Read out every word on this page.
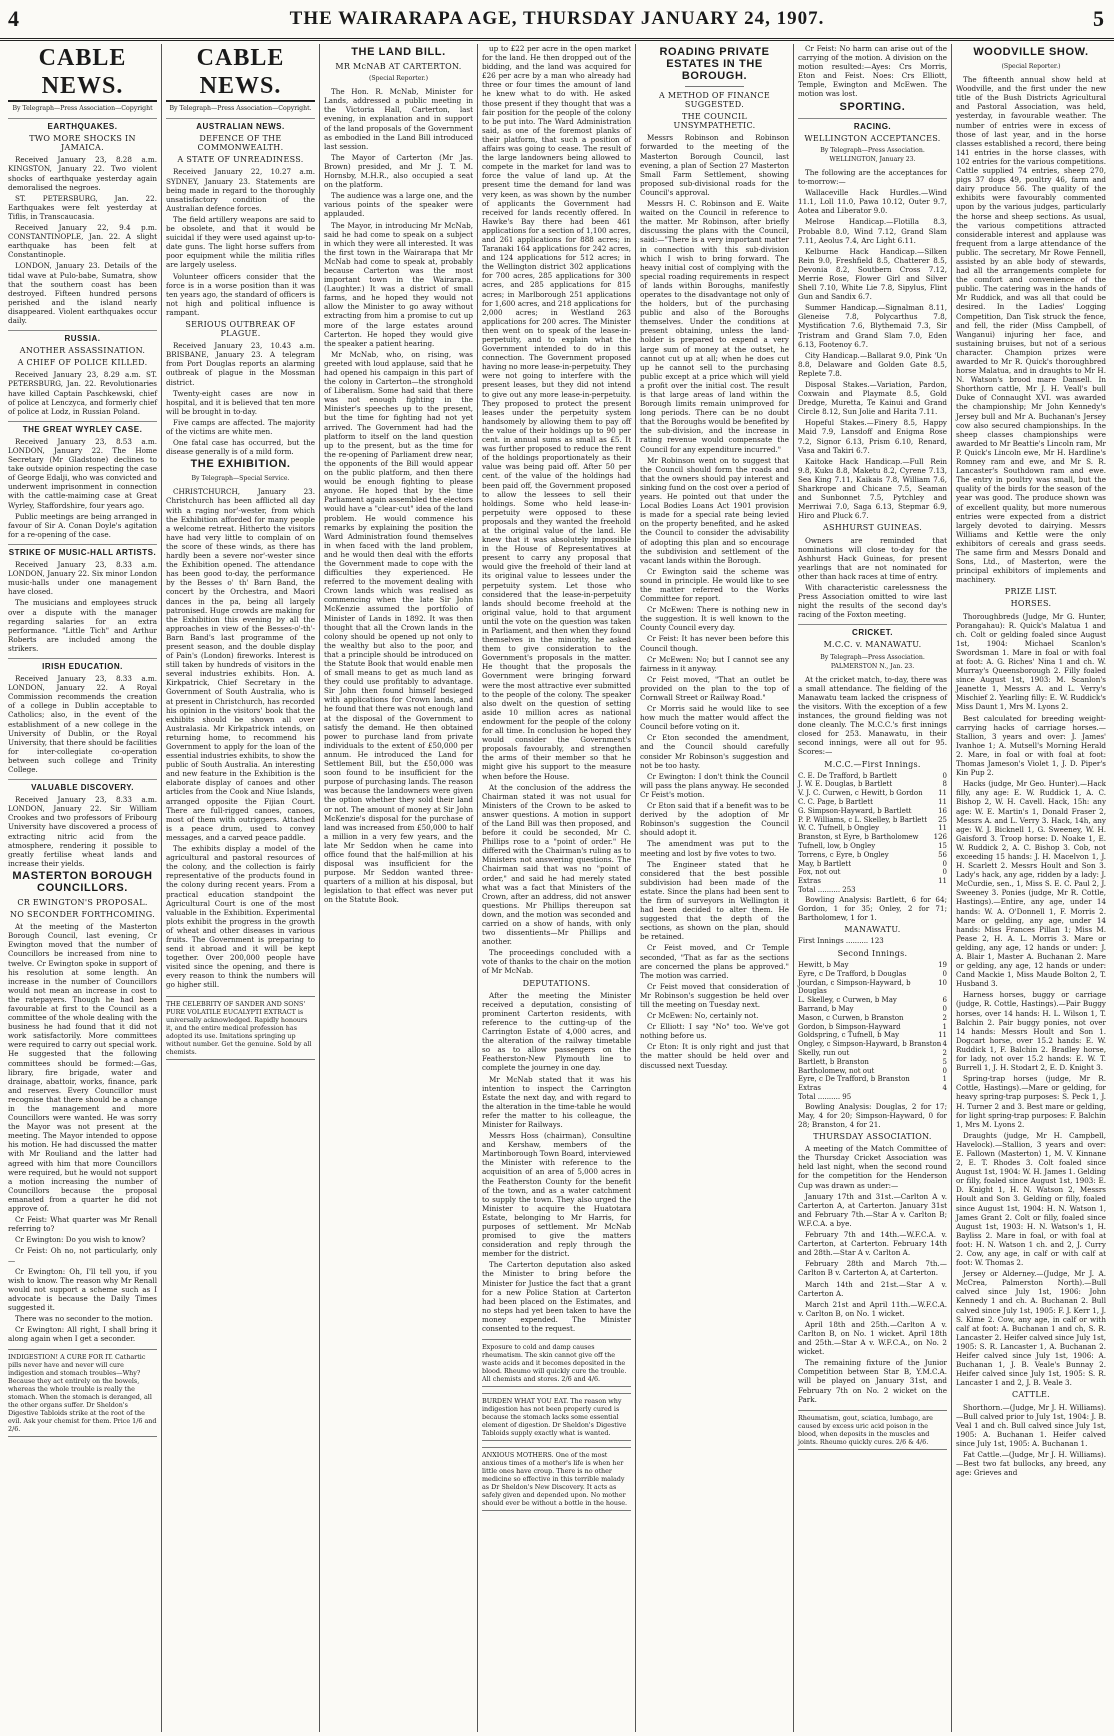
4	THE WAIRARAPA AGE, THURSDAY JANUARY 24, 1907.	5
CABLE NEWS.
By Telegraph—Press Association—Copyright
EARTHQUAKES.
TWO MORE SHOCKS IN JAMAICA.

Received January 23, 8.28 a.m. KINGSTON, January 22. Two violent shocks of earthquake yesterday again demoralised the negroes.

ST. PETERSBURG, Jan. 22. Earthquakes were felt yesterday at Tiflis, in Transcaucasia.

Received January 22, 9.4 p.m. CONSTANTINOPLE, Jan. 22. A slight earthquake has been felt at Constantinople.

LONDON, January 23. Details of the tidal wave at Pulo-babe, Sumatra, show that the southern coast has been destroyed. Fifteen hundred persons perished and the island nearly disappeared. Violent earthquakes occur daily.

RUSSIA.
ANOTHER ASSASSINATION.
A CHIEF OF POLICE KILLED.

Received January 23, 8.29 a.m. ST. PETERSBURG, Jan. 22. Revolutionaries have killed Captain Paschkewski, chief of police at Lenczyca, and formerly chief of police at Lodz, in Russian Poland.

THE GREAT WYRLEY CASE.

Received January 23, 8.53 a.m. LONDON, January 22. The Home Secretary (Mr Gladstone) declines to take outside opinion respecting the case of George Edalji, who was convicted and underwent imprisonment in connection with the cattle-maiming case at Great Wyrley, Staffordshire, four years ago.

Public meetings are being arranged in favour of Sir A. Conan Doyle's agitation for a re-opening of the case.

STRIKE OF MUSIC-HALL ARTISTS.

Received January 23, 8.33 a.m. LONDON, January 22. Six minor London music-halls under one management have closed.

The musicians and employees struck over a dispute with the manager regarding salaries for an extra performance. "Little Tich" and Arthur Roberts are included among the strikers.

IRISH EDUCATION.

Received January 23, 8.33 a.m. LONDON, January 22. A Royal Commission recommends the creation of a college in Dublin acceptable to Catholics; also, in the event of the establishment of a new college in the University of Dublin, or the Royal University, that there should be facilities for inter-collegiate co-operation between such college and Trinity College.

VALUABLE DISCOVERY.

Received January 23, 8.33 a.m. LONDON, January 22. Sir William Crookes and two professors of Fribourg University have discovered a process of extracting nitric acid from the atmosphere, rendering it possible to greatly fertilise wheat lands and increase their yields.

MASTERTON BOROUGH COUNCILLORS.
CR EWINGTON'S PROPOSAL.
NO SECONDER FORTHCOMING.

At the meeting of the Masterton Borough Council, last evening, Cr Ewington moved that the number of Councillors be increased from nine to twelve. Cr Ewington spoke in support of his resolution at some length. An increase in the number of Councillors would not mean an increase in cost to the ratepayers. Though he had been favourable at first to the Council as a committee of the whole dealing with the business he had found that it did not work satisfactorily. More committees were required to carry out special work. He suggested that the following committees should be formed:—Gas, library, fire brigade, water and drainage, abattoir, works, finance, park and reserves. Every Councillor must recognise that there should be a change in the management and more Councillors were wanted. He was sorry the Mayor was not present at the meeting. The Mayor intended to oppose his motion. He had discussed the matter with Mr Rouliand and the latter had agreed with him that more Councillors were required, but he would not support a motion increasing the number of Councillors because the proposal emanated from a quarter he did not approve of.

Cr Feist: What quarter was Mr Renall referring to?

Cr Ewington: Do you wish to know?

Cr Feist: Oh no, not particularly, only—

Cr Ewington: Oh, I'll tell you, if you wish to know. The reason why Mr Renall would not support a scheme such as I advocate is because the Daily Times suggested it.

There was no seconder to the motion.

Cr Ewington: All right, I shall bring it along again when I get a seconder.

INDIGESTION! A CURE FOR IT. Cathartic pills never have and never will cure indigestion and stomach troubles—Why? Because they act entirely on the bowels, whereas the whole trouble is really the stomach. When the stomach is deranged, all the other organs suffer. Dr Sheldon's Digestive Tabloids strike at the root of the evil. Ask your chemist for them. Price 1/6 and 2/6.
CABLE NEWS.
By Telegraph—Press Association—Copyright.
AUSTRALIAN NEWS.
DEFENCE OF THE COMMONWEALTH.
A STATE OF UNREADINESS.

Received January 22, 10.27 a.m. SYDNEY, January 23. Statements are being made in regard to the thoroughly unsatisfactory condition of the Australian defence forces.

The field artillery weapons are said to be obsolete, and that it would be suicidal if they were used against up-to-date guns. The light horse suffers from poor equipment while the militia rifles are largely useless.

Volunteer officers consider that the force is in a worse position than it was ten years ago, the standard of officers is not high and political influence is rampant.

SERIOUS OUTBREAK OF PLAGUE.

Received January 23, 10.43 a.m. BRISBANE, January 23. A telegram from Port Douglas reports an alarming outbreak of plague in the Mossman district.

Twenty-eight cases are now in hospital, and it is believed that ten more will be brought in to-day.

Five camps are affected. The majority of the victims are white men.

One fatal case has occurred, but the disease generally is of a mild form.

THE EXHIBITION.
By Telegraph—Special Service.

CHRISTCHURCH, January 23. Christchurch has been afflicted all day with a raging nor'-wester, from which the Exhibition afforded for many people a welcome retreat. Hitherto the visitors have had very little to complain of on the score of these winds, as there has hardly been a severe nor'-wester since the Exhibition opened. The attendance has been good to-day, the performance by the Besses o' th' Barn Band, the concert by the Orchestra, and Maori dances in the pa, being all largely patronised. Huge crowds are making for the Exhibition this evening by all the approaches in view of the Besses-o'-th'-Barn Band's last programme of the present season, and the double display of Pain's (London) fireworks. Interest is still taken by hundreds of visitors in the several industries exhibits. Hon. A. Kirkpatrick, Chief Secretary in the Government of South Australia, who is at present in Christchurch, has recorded his opinion in the visitors' book that the exhibits should be shown all over Australasia. Mr Kirkpatrick intends, on returning home, to recommend his Government to apply for the loan of the essential industries exhibits, to show the public of South Australia. An interesting and new feature in the Exhibition is the elaborate display of canoes and other articles from the Cook and Niue Islands, arranged opposite the Fijian Court. There are full-rigged canoes, canoes, most of them with outriggers. Attached is a peace drum, used to convey messages, and a carved peace paddle.

The exhibits display a model of the agricultural and pastoral resources of the colony, and the collection is fairly representative of the products found in the colony during recent years. From a practical education standpoint the Agricultural Court is one of the most valuable in the Exhibition. Experimental plots exhibit the progress in the growth of wheat and other diseases in various fruits. The Government is preparing to send it abroad and it will be kept together. Over 200,000 people have visited since the opening, and there is every reason to think the numbers will go higher still.

THE CELEBRITY OF SANDER AND SONS' PURE VOLATILE EUCALYPTI EXTRACT is universally acknowledged. Rapidly honours it, and the entire medical profession has adopted its use. Imitations springing up without number. Get the genuine. Sold by all chemists.
THE LAND BILL.
MR McNAB AT CARTERTON.
(Special Reporter.)

The Hon. R. McNab, Minister for Lands, addressed a public meeting in the Victoria Hall, Carterton, last evening, in explanation and in support of the land proposals of the Government as embodied in the Land Bill introduced last session.

The Mayor of Carterton (Mr Jas. Brown) presided, and Mr J. T. M. Hornsby, M.H.R., also occupied a seat on the platform.

The audience was a large one, and the various points of the speaker were applauded.

The Mayor, in introducing Mr McNab, said he had come to speak on a subject in which they were all interested. It was the first town in the Wairarapa that Mr McNab had come to speak at, probably because Carterton was the most important town in the Wairarapa. (Laughter.) It was a district of small farms, and he hoped they would not allow the Minister to go away without extracting from him a promise to cut up more of the large estates around Carterton. He hoped they would give the speaker a patient hearing.

Mr McNab, who, on rising, was greeted with loud applause, said that he had opened his campaign in this part of the colony in Carterton—the stronghold of Liberalism. Some had said that there was not enough fighting in the Minister's speeches up to the present, but the time for fighting had not yet arrived. The Government had had the platform to itself on the land question up to the present, but as the time for the re-opening of Parliament drew near, the opponents of the Bill would appear on the public platform, and then there would be enough fighting to please anyone. He hoped that by the time Parliament again assembled the electors would have a "clear-cut" idea of the land problem. He would commence his remarks by explaining the position the Ward Administration found themselves in when faced with the land problem, and he would then deal with the efforts the Government made to cope with the difficulties they experienced. He referred to the movement dealing with Crown lands which was realised as commencing when the late Sir John McKenzie assumed the portfolio of Minister of Lands in 1892. It was then thought that all the Crown lands in the colony should be opened up not only to the wealthy but also to the poor, and that a principle should be introduced on the Statute Book that would enable men of small means to get as much land as they could use profitably to advantage. Sir John then found himself besieged with applications for Crown lands, and he found that there was not enough land at the disposal of the Government to satisfy the demand. He then obtained power to purchase land from private individuals to the extent of £50,000 per annum. He introduced the Land for Settlement Bill, but the £50,000 was soon found to be insufficient for the purpose of purchasing lands. The reason was because the landowners were given the option whether they sold their land or not. The amount of money at Sir John McKenzie's disposal for the purchase of land was increased from £50,000 to half a million in a very few years, and the late Mr Seddon when he came into office found that the half-million at his disposal was insufficient for the purpose. Mr Seddon wanted three-quarters of a million at his disposal, but legislation to that effect was never put on the Statute Book.

up to £22 per acre in the open market for the land. He then dropped out of the bidding, and the land was acquired for £26 per acre by a man who already had three or four times the amount of land he knew what to do with. He asked those present if they thought that was a fair position for the people of the colony to be put into. The Ward Administration said, as one of the foremost planks of their platform, that such a position of affairs was going to cease. The result of the large landowners being allowed to compete in the market for land was to force the value of land up. At the present time the demand for land was very keen, as was shown by the number of applicants the Government had received for lands recently offered. In Hawke's Bay there had been 461 applications for a section of 1,100 acres, and 261 applications for 888 acres; in Taranaki 164 applications for 242 acres, and 124 applications for 512 acres; in the Wellington district 302 applications for 700 acres, 285 applications for 300 acres, and 285 applications for 815 acres; in Marlborough 251 applications for 1,600 acres, and 218 applications for 2,000 acres; in Westland 263 applications for 200 acres. The Minister then went on to speak of the lease-in-perpetuity, and to explain what the Government intended to do in this connection. The Government proposed having no more lease-in-perpetuity. They were not going to interfere with the present leases, but they did not intend to give out any more lease-in-perpetuity. They proposed to protect the present leases under the perpetuity system handsomely by allowing them to pay off the value of their holdings up to 90 per cent. in annual sums as small as £5. It was further proposed to reduce the rent of the holdings proportionately as their value was being paid off. After 50 per cent. of the value of the holdings had been paid off, the Government proposed to allow the lessees to sell their holdings. Some who held lease-in-perpetuity were opposed to these proposals and they wanted the freehold at the original value of the land. He knew that it was absolutely impossible in the House of Representatives at present to carry any proposal that would give the freehold of their land at its original value to lessees under the perpetuity system. Let those who considered that the lease-in-perpetuity lands should become freehold at the original value, hold to that argument until the vote on the question was taken in Parliament, and then when they found themselves in the minority, he asked them to give consideration to the Government's proposals in the matter. He thought that the proposals the Government were bringing forward were the most attractive ever submitted to the people of the colony. The speaker also dwelt on the question of setting aside 10 million acres as national endowment for the people of the colony for all time. In conclusion he hoped they would consider the Government's proposals favourably, and strengthen the arms of their member so that he might give his support to the measure when before the House.

At the conclusion of the address the Chairman stated it was not usual for Ministers of the Crown to be asked to answer questions. A motion in support of the Land Bill was then proposed, and before it could be seconded, Mr C. Phillips rose to a "point of order." He differed with the Chairman's ruling as to Ministers not answering questions. The Chairman said that was no "point of order," and said he had merely stated what was a fact that Ministers of the Crown, after an address, did not answer questions. Mr Phillips thereupon sat down, and the motion was seconded and carried on a show of hands, with only two dissentients—Mr Phillips and another.

The proceedings concluded with a vote of thanks to the chair on the motion of Mr McNab.

DEPUTATIONS.

After the meeting the Minister received a deputation, consisting of prominent Carterton residents, with reference to the cutting-up of the Carrington Estate of 4,000 acres, and the alteration of the railway timetable so as to allow passengers on the Featherston-New Plymouth line to complete the journey in one day.

Mr McNab stated that it was his intention to inspect the Carrington Estate the next day, and with regard to the alteration in the time-table he would refer the matter to his colleague, the Minister for Railways.

Messrs Hoss (chairman), Consultine and Kershaw, members of the Martinborough Town Board, interviewed the Minister with reference to the acquisition of an area of 5,000 acres in the Featherston County for the benefit of the town, and as a water catchment to supply the town. They also urged the Minister to acquire the Huatotara Estate, belonging to Mr Harris, for purposes of settlement. Mr McNab promised to give the matters consideration and reply through the member for the district.

The Carterton deputation also asked the Minister to bring before the Minister for Justice the fact that a grant for a new Police Station at Carterton had been placed on the Estimates, and no steps had yet been taken to have the money expended. The Minister consented to the request.

Exposure to cold and damp causes rheumatism. The skin cannot give off the waste acids and it becomes deposited in the blood. Rheumo will quickly cure the trouble. All chemists and stores. 2/6 and 4/6.
BURDEN WHAT YOU EAT. The reason why indigestion has not been properly cured is because the stomach lacks some essential element of digestion. Dr Sheldon's Digestive Tabloids supply exactly what is wanted.
ANXIOUS MOTHERS. One of the most anxious times of a mother's life is when her little ones have croup. There is no other medicine so effective in this terrible malady as Dr Sheldon's New Discovery. It acts as safely given and depended upon. No mother should ever be without a bottle in the house.
ROADING PRIVATE ESTATES IN THE BOROUGH.
A METHOD OF FINANCE SUGGESTED.
THE COUNCIL UNSYMPATHETIC.

Messrs Robinson and Robinson forwarded to the meeting of the Masterton Borough Council, last evening, a plan of Section 27 Masterton Small Farm Settlement, showing proposed sub-divisional roads for the Council's approval.

Messrs H. C. Robinson and E. Waite waited on the Council in reference to the matter. Mr Robinson, after briefly discussing the plans with the Council, said:—"There is a very important matter in connection with this sub-division which I wish to bring forward. The heavy initial cost of complying with the special roading requirements in respect of lands within Boroughs, manifestly operates to the disadvantage not only of the holders, but of the purchasing public and also of the Boroughs themselves. Under the conditions at present obtaining, unless the land-holder is prepared to expend a very large sum of money at the outset, he cannot cut up at all; when he does cut up he cannot sell to the purchasing public except at a price which will yield a profit over the initial cost. The result is that large areas of land within the Borough limits remain unimproved for long periods. There can be no doubt that the Boroughs would be benefited by the sub-division, and the increase in rating revenue would compensate the Council for any expenditure incurred."

Mr Robinson went on to suggest that the Council should form the roads and that the owners should pay interest and sinking fund on the cost over a period of years. He pointed out that under the Local Bodies Loans Act 1901 provision is made for a special rate being levied on the property benefited, and he asked the Council to consider the advisability of adopting this plan and so encourage the subdivision and settlement of the vacant lands within the Borough.

Cr Ewington said the scheme was sound in principle. He would like to see the matter referred to the Works Committee for report.

Cr McEwen: There is nothing new in the suggestion. It is well known to the County Council every day.

Cr Feist: It has never been before this Council though.

Cr McEwen: No; but I cannot see any fairness in it anyway.

Cr Feist moved, "That an outlet be provided on the plan to the top of Cornwall Street or Railway Road."

Cr Morris said he would like to see how much the matter would affect the Council before voting on it.

Cr Eton seconded the amendment, and the Council should carefully consider Mr Robinson's suggestion and not be too hasty.

Cr Ewington: I don't think the Council will pass the plans anyway. He seconded Cr Feist's motion.

Cr Eton said that if a benefit was to be derived by the adoption of Mr Robinson's suggestion the Council should adopt it.

The amendment was put to the meeting and lost by five votes to two.

The Engineer stated that he considered that the best possible subdivision had been made of the estate. Since the plans had been sent to the firm of surveyors in Wellington it had been decided to alter them. He suggested that the depth of the sections, as shown on the plan, should be retained.

Cr Feist moved, and Cr Temple seconded, "That as far as the sections are concerned the plans be approved." The motion was carried.

Cr Feist moved that consideration of Mr Robinson's suggestion be held over till the meeting on Tuesday next.

Cr McEwen: No, certainly not.

Cr Elliott: I say "No" too. We've got nothing before us.

Cr Eton: It is only right and just that the matter should be held over and discussed next Tuesday.

Cr Feist: No harm can arise out of the carrying of the motion. A division on the motion resulted:—Ayes: Crs Morris, Eton and Feist. Noes: Crs Elliott, Temple, Ewington and McEwen. The motion was lost.

SPORTING.
RACING.
WELLINGTON ACCEPTANCES.
By Telegraph—Press Association. WELLINGTON, January 23.

The following are the acceptances for to-morrow:—

Wallaceville Hack Hurdles.—Wind 11.1, Loll 11.0, Pawa 10.12, Outer 9.7, Aotea and Liberator 9.0.

Melrose Handicap.—Flotilla 8.3, Probable 8.0, Wind 7.12, Grand Slam 7.11, Aeolus 7.4, Arc Light 6.11.

Kelburne Hack Handicap.—Silken Rein 9.0, Freshfield 8.5, Chatterer 8.5, Devonia 8.2, Soutbern Cross 7.12, Merrie Rose, Flower Girl and Silver Shell 7.10, White Lie 7.8, Sipylus, Flint Gun and Sandix 6.7.

Summer Handicap.—Signalman 8.11, Gleneise 7.8, Polycarthus 7.8, Mystification 7.6, Blythemaid 7.3, Sir Tristram and Grand Slam 7.0, Eden 6.13, Footenoy 6.7.

City Handicap.—Ballarat 9.0, Pink 'Un 8.8, Delaware and Golden Gate 8.5, Replete 7.8.

Disposal Stakes.—Variation, Pardon, Coxwain and Playmate 8.5, Gold Dredge, Muretta, Te Kainui and Grand Circle 8.12, Sun Jolie and Harita 7.11.

Hopeful Stakes.—Finery 8.5, Happy Maid 7.9, Lansdoff and Enigma Rose 7.2, Signor 6.13, Prism 6.10, Renard, Vasa and Takiri 6.7.

Kaitoke Hack Handicap.—Full Rein 9.8, Kuku 8.8, Maketu 8.2, Cyrene 7.13, Sea King 7.11, Kaikais 7.8, William 7.6, Sharkrope and Chicane 7.5, Seaman and Sunbonnet 7.5, Pytchley and Merriwai 7.0, Saga 6.13, Stepmar 6.9, Hiro and Pluck 6.7.

ASHHURST GUINEAS.

Owners are reminded that nominations will close to-day for the Ashhurst Hack Guineas, for present yearlings that are not nominated for other than hack races at time of entry.

With characteristic carelessness the Press Association omitted to wire last night the results of the second day's racing of the Foxton meeting.

CRICKET.
M.C.C. v. MANAWATU.
By Telegraph—Press Association. PALMERSTON N., Jan. 23.

At the cricket match, to-day, there was a small attendance. The fielding of the Manawatu team lacked the crispness of the visitors. With the exception of a few instances, the ground fielding was not done cleanly. The M.C.C.'s first innings closed for 253. Manawatu, in their second innings, were all out for 95. Scores:—

M.C.C.—First Innings.
C. E. De Trafford, b Bartlett	0
J. W. E. Douglas, b Bartlett	8
V. J. C. Curwen, c Hewitt, b Gordon 11
C. C. Page, b Bartlett	11
G. Simpson-Hayward, b Bartlett	16
P. P. Williams, c L. Skelley, b Bartlett 25
W. C. Tufnell, b Ongley	11
Branston, st Eyre, b Bartholomew 126
Tufnell, low, b Ongley	15
Torrens, c Eyre, b Ongley	56
May, b Bartlett	0
Fox, not out	0
Extras	11
Total .......... 253

Bowling Analysis: Bartlett, 6 for 64; Gordon, 1 for 35; Onley, 2 for 71; Bartholomew, 1 for 1.

MANAWATU.
First Innings .......... 123
Second Innings.
Hewitt, b May	19
Eyre, c De Trafford, b Douglas	0
Jourdan, c Simpson-Hayward, b Douglas
10
L. Skelley, c Curwen, b May	6
Barrand, b May	0
Mason, c Curwen, b Branston	2
Gordon, b Simpson-Hayward	1
Goldspring, c Tufnell, b May	11
Ongley, c Simpson-Hayward, b Branston 4
Skelly, run out	2
Bartlett, b Branston	5
Bartholomew, not out	0
Eyre, c De Trafford, b Branston	1
Extras	4
Total .......... 95

Bowling Analysis: Douglas, 2 for 17; May, 4 for 20; Simpson-Hayward, 0 for 28; Branston, 4 for 21.

THURSDAY ASSOCIATION.

A meeting of the Match Committee of the Thursday Cricket Association was held last night, when the second round for the competition for the Henderson Cup was drawn as under:—

January 17th and 31st.—Carlton A v. Carterton A, at Carterton. January 31st and February 7th.—Star A v. Carlton B; W.F.C.A. a bye.

February 7th and 14th.—W.F.C.A. v. Carterton, at Carterton. February 14th and 28th.—Star A v. Carlton A.

February 28th and March 7th.—Carlton B v. Carterton A, at Carterton.

March 14th and 21st.—Star A v. Carterton A.

March 21st and April 11th.—W.F.C.A. v. Carlton B, on No. 1 wicket.

April 18th and 25th.—Carlton A v. Carlton B, on No. 1 wicket. April 18th and 25th.—Star A v. W.F.C.A., on No. 2 wicket.

The remaining fixture of the Junior Competition between Star B, Y.M.C.A. will be played on January 31st, and February 7th on No. 2 wicket on the Park.

Rheumatism, gout, sciatica, lumbago, are caused by excess uric acid poison in the blood, when deposits in the muscles and joints. Rheumo quickly cures. 2/6 & 4/6.
WOODVILLE SHOW.
(Special Reporter.)

The fifteenth annual show held at Woodville, and the first under the new title of the Bush Districts Agricultural and Pastoral Association, was held, yesterday, in favourable weather. The number of entries were in excess of those of last year, and in the horse classes established a record, there being 141 entries in the horse classes, with 102 entries for the various competitions. Cattle supplied 74 entries, sheep 270, pigs 37 dogs 49, poultry 46, farm and dairy produce 56. The quality of the exhibits were favourably commented upon by the various judges, particularly the horse and sheep sections. As usual, the various competitions attracted considerable interest and applause was frequent from a large attendance of the public. The secretary, Mr Rowe Fennell, assisted by an able body of stewards, had all the arrangements complete for the comfort and convenience of the public. The catering was in the hands of Mr Ruddick, and was all that could be desired. In the Ladies' Logging Competition, Dan Tisk struck the fence, and fell, the rider (Miss Campbell, of Wanganui) injuring her face, and sustaining bruises, but not of a serious character. Champion prizes were awarded to Mr R. Quick's thoroughbred horse Malatua, and in draughts to Mr H. N. Watson's brood mare Dansell. In Shorthorn cattle, Mr J. H. Veall's bull Duke of Connaught XVI. was awarded the championship; Mr John Kennedy's Jersey bull and Mr A. Buchanan's Jersey cow also secured championships. In the sheep classes championships were awarded to Mr Beattie's Lincoln ram, Mr P. Quick's Lincoln ewe, Mr H. Hardline's Romney ram and ewe, and Mr S. R. Lancaster's Southdown ram and ewe. The entry in poultry was small, but the quality of the birds for the season of the year was good. The produce shown was of excellent quality, but more numerous entries were expected from a district largely devoted to dairying. Messrs Williams and Kettle were the only exhibitors of cereals and grass seeds. The same firm and Messrs Donald and Sons, Ltd., of Masterton, were the principal exhibitors of implements and machinery.

PRIZE LIST.
HORSES.

Thoroughbreds (Judge, Mr G. Hunter, Porangahau): R. Quick's Malatua 1 and ch. Colt or gelding foaled since August 1st, 1904: Michael Scanlon's Swordsman 1. Mare in foal or with foal at foot: A. G. Riches' Nina 1 and ch. W. Murray's Queensborough 2. Filly foaled since August 1st, 1903: M. Scanlon's Jeanette 1, Messrs A. and L. Verry's Mischief 2. Yearling filly: E. W. Ruddick's Miss Daunt 1, Mrs M. Lyons 2.

Best calculated for breeding weight-carrying hacks of carriage horses.—Stallion, 3 years and over: J. James' Ivanhoe 1; A. Mutsell's Morning Herald 2. Mare, in foal or with foal at foot: Thomas Jameson's Violet 1, J. D. Piper's Kin Pup 2.

Hacks (judge, Mr Geo. Hunter).—Hack filly, any age: E. W. Ruddick 1, A. C. Bishop 2, W. H. Cavell. Hack, 15h: any age: W. E. Martin's 1, Donald Fraser 2, Messrs A. and L. Verry 3. Hack, 14h, any age: W. J. Bicknell 1, G. Sweeney, W. H. Gaisford 3. Troop horse: D. Noake 1, E. W. Ruddick 2, A. C. Bishop 3. Cob, not exceeding 15 hands: J. H. Macelvon 1, J. H. Scarlett 2. Messrs Hoult and Son 3. Lady's hack, any age, ridden by a lady: J. McCurdie, sen., 1, Miss S. E. C. Paul 2, J. Sweeney 3. Ponies (judge, Mr R. Cottle, Hastings).—Entire, any age, under 14 hands: W. A. O'Donnell 1, F. Morris 2. Mare or gelding, any age, under 14 hands: Miss Frances Pillan 1; Miss M. Pease 2, H. A. L. Morris 3. Mare or gelding, any age, 12 hands or under: J. A. Blair 1, Master A. Buchanan 2. Mare or gelding, any age, 12 hands or under: Cand Mackie 1, Miss Maude Bolton 2, T. Husband 3.

Harness horses, buggy or carriage (judge, R. Cottle, Hastings).—Pair Buggy horses, over 14 hands: H. L. Wilson 1, T. Balchin 2. Pair buggy ponies, not over 14 hands: Messrs Hoult and Son 1. Dogcart horse, over 15.2 hands: E. W. Ruddick 1, F. Balchin 2. Bradley horse, for lady, not over 15.2 hands: E. W. T. Burrell 1, J. H. Stodart 2, E. D. Knight 3.

Spring-trap horses (judge, Mr R. Cottle, Hastings).—Mare or gelding, for heavy spring-trap purposes: S. Peck 1, J. H. Turner 2 and 3. Best mare or gelding, for light spring-trap purposes: F. Balchin 1, Mrs M. Lyons 2.

Draughts (judge, Mr H. Campbell, Havelock).—Stallion, 3 years and over: E. Fallown (Masterton) 1, M. V. Kinnane 2, E. T. Rhodes 3. Colt foaled since August 1st, 1904: W. H. James 1. Gelding or filly, foaled since August 1st, 1903: E. D. Knight 1, H. N. Watson 2, Messrs Hoult and Son 3. Gelding or filly, foaled since August 1st, 1904: H. N. Watson 1, James Grant 2. Colt or filly, foaled since August 1st, 1903: H. N. Watson's 1, H. Bayliss 2. Mare in foal, or with foal at foot: H. N. Watson 1 ch. and 2, J. Curry 2. Cow, any age, in calf or with calf at foot: W. Thomas 2.

Jersey or Alderney.—(Judge, Mr J. A. McCrea, Palmerston North).—Bull calved since July 1st, 1906: John Kennedy 1 and ch. A. Buchanan 2. Bull calved since July 1st, 1905: F. J. Kerr 1, J. S. Kime 2. Cow, any age, in calf or with calf at foot: A. Buchanan 1 and ch, S. R. Lancaster 2. Heifer calved since July 1st, 1905: S. R. Lancaster 1, A. Buchanan 2. Heifer calved since July 1st, 1906: A. Buchanan 1, J. B. Veale's Bunnay 2. Heifer calved since July 1st, 1905: S. R. Lancaster 1 and 2, J. B. Veale 3.

CATTLE.

Shorthorn.—(Judge, Mr J. H. Williams).—Bull calved prior to July 1st, 1904: J. B. Veal 1 and ch. Bull calved since July 1st, 1905: A. Buchanan 1. Heifer calved since July 1st, 1905: A. Buchanan 1.

Fat Cattle.—(Judge, Mr J. H. Williams).—Best two fat bullocks, any breed, any age: Grieves and
